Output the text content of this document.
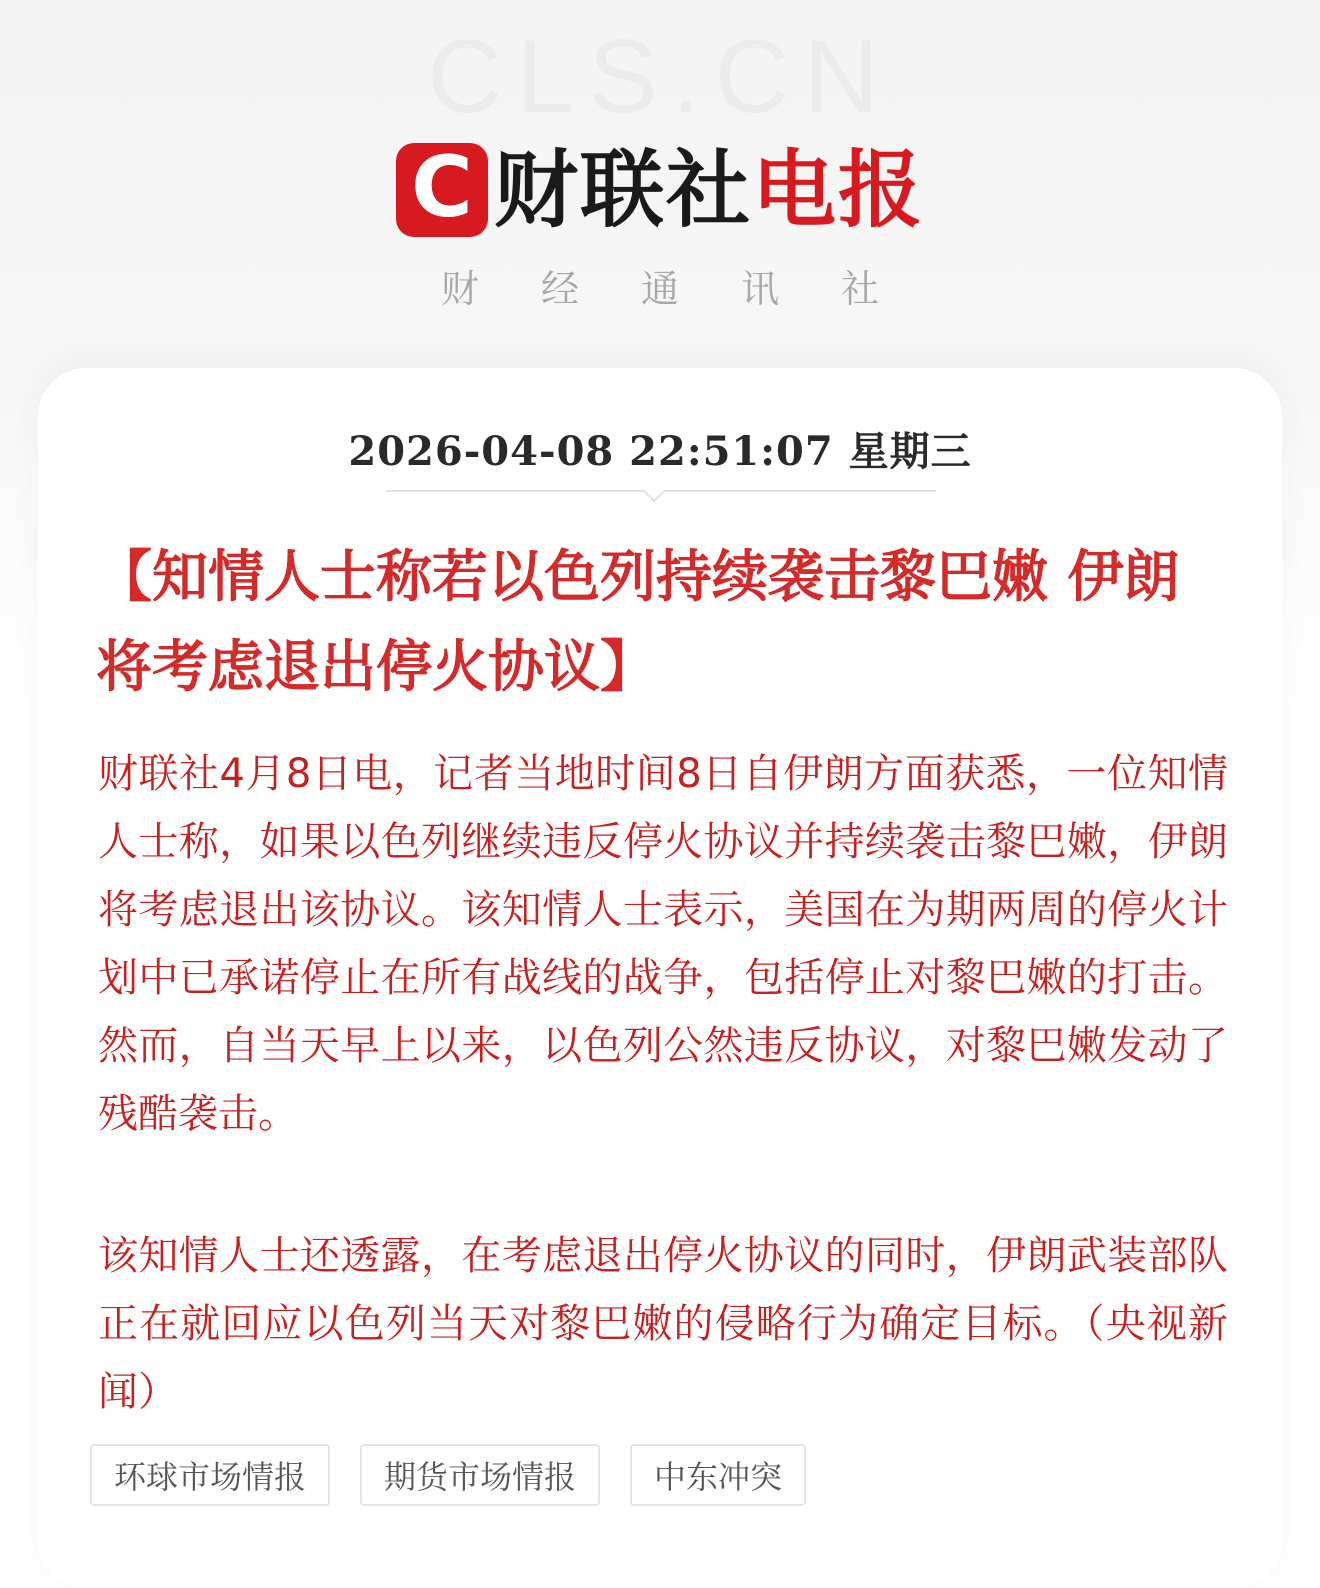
CLS.CN
C 财联社 电报
财经通讯社
2026-04-08 22:51:07 星期三
【知情人士称若以色列持续袭击黎巴嫩 伊朗将考虑退出停火协议】

财联社4月8日电，记者当地时间8日自伊朗方面获悉，一位知情人士称，如果以色列继续违反停火协议并持续袭击黎巴嫩，伊朗将考虑退出该协议。该知情人士表示，美国在为期两周的停火计划中已承诺停止在所有战线的战争，包括停止对黎巴嫩的打击。然而，自当天早上以来，以色列公然违反协议，对黎巴嫩发动了残酷袭击。

该知情人士还透露，在考虑退出停火协议的同时，伊朗武装部队正在就回应以色列当天对黎巴嫩的侵略行为确定目标。（央视新闻）

环球市场情报	期货市场情报	中东冲突
